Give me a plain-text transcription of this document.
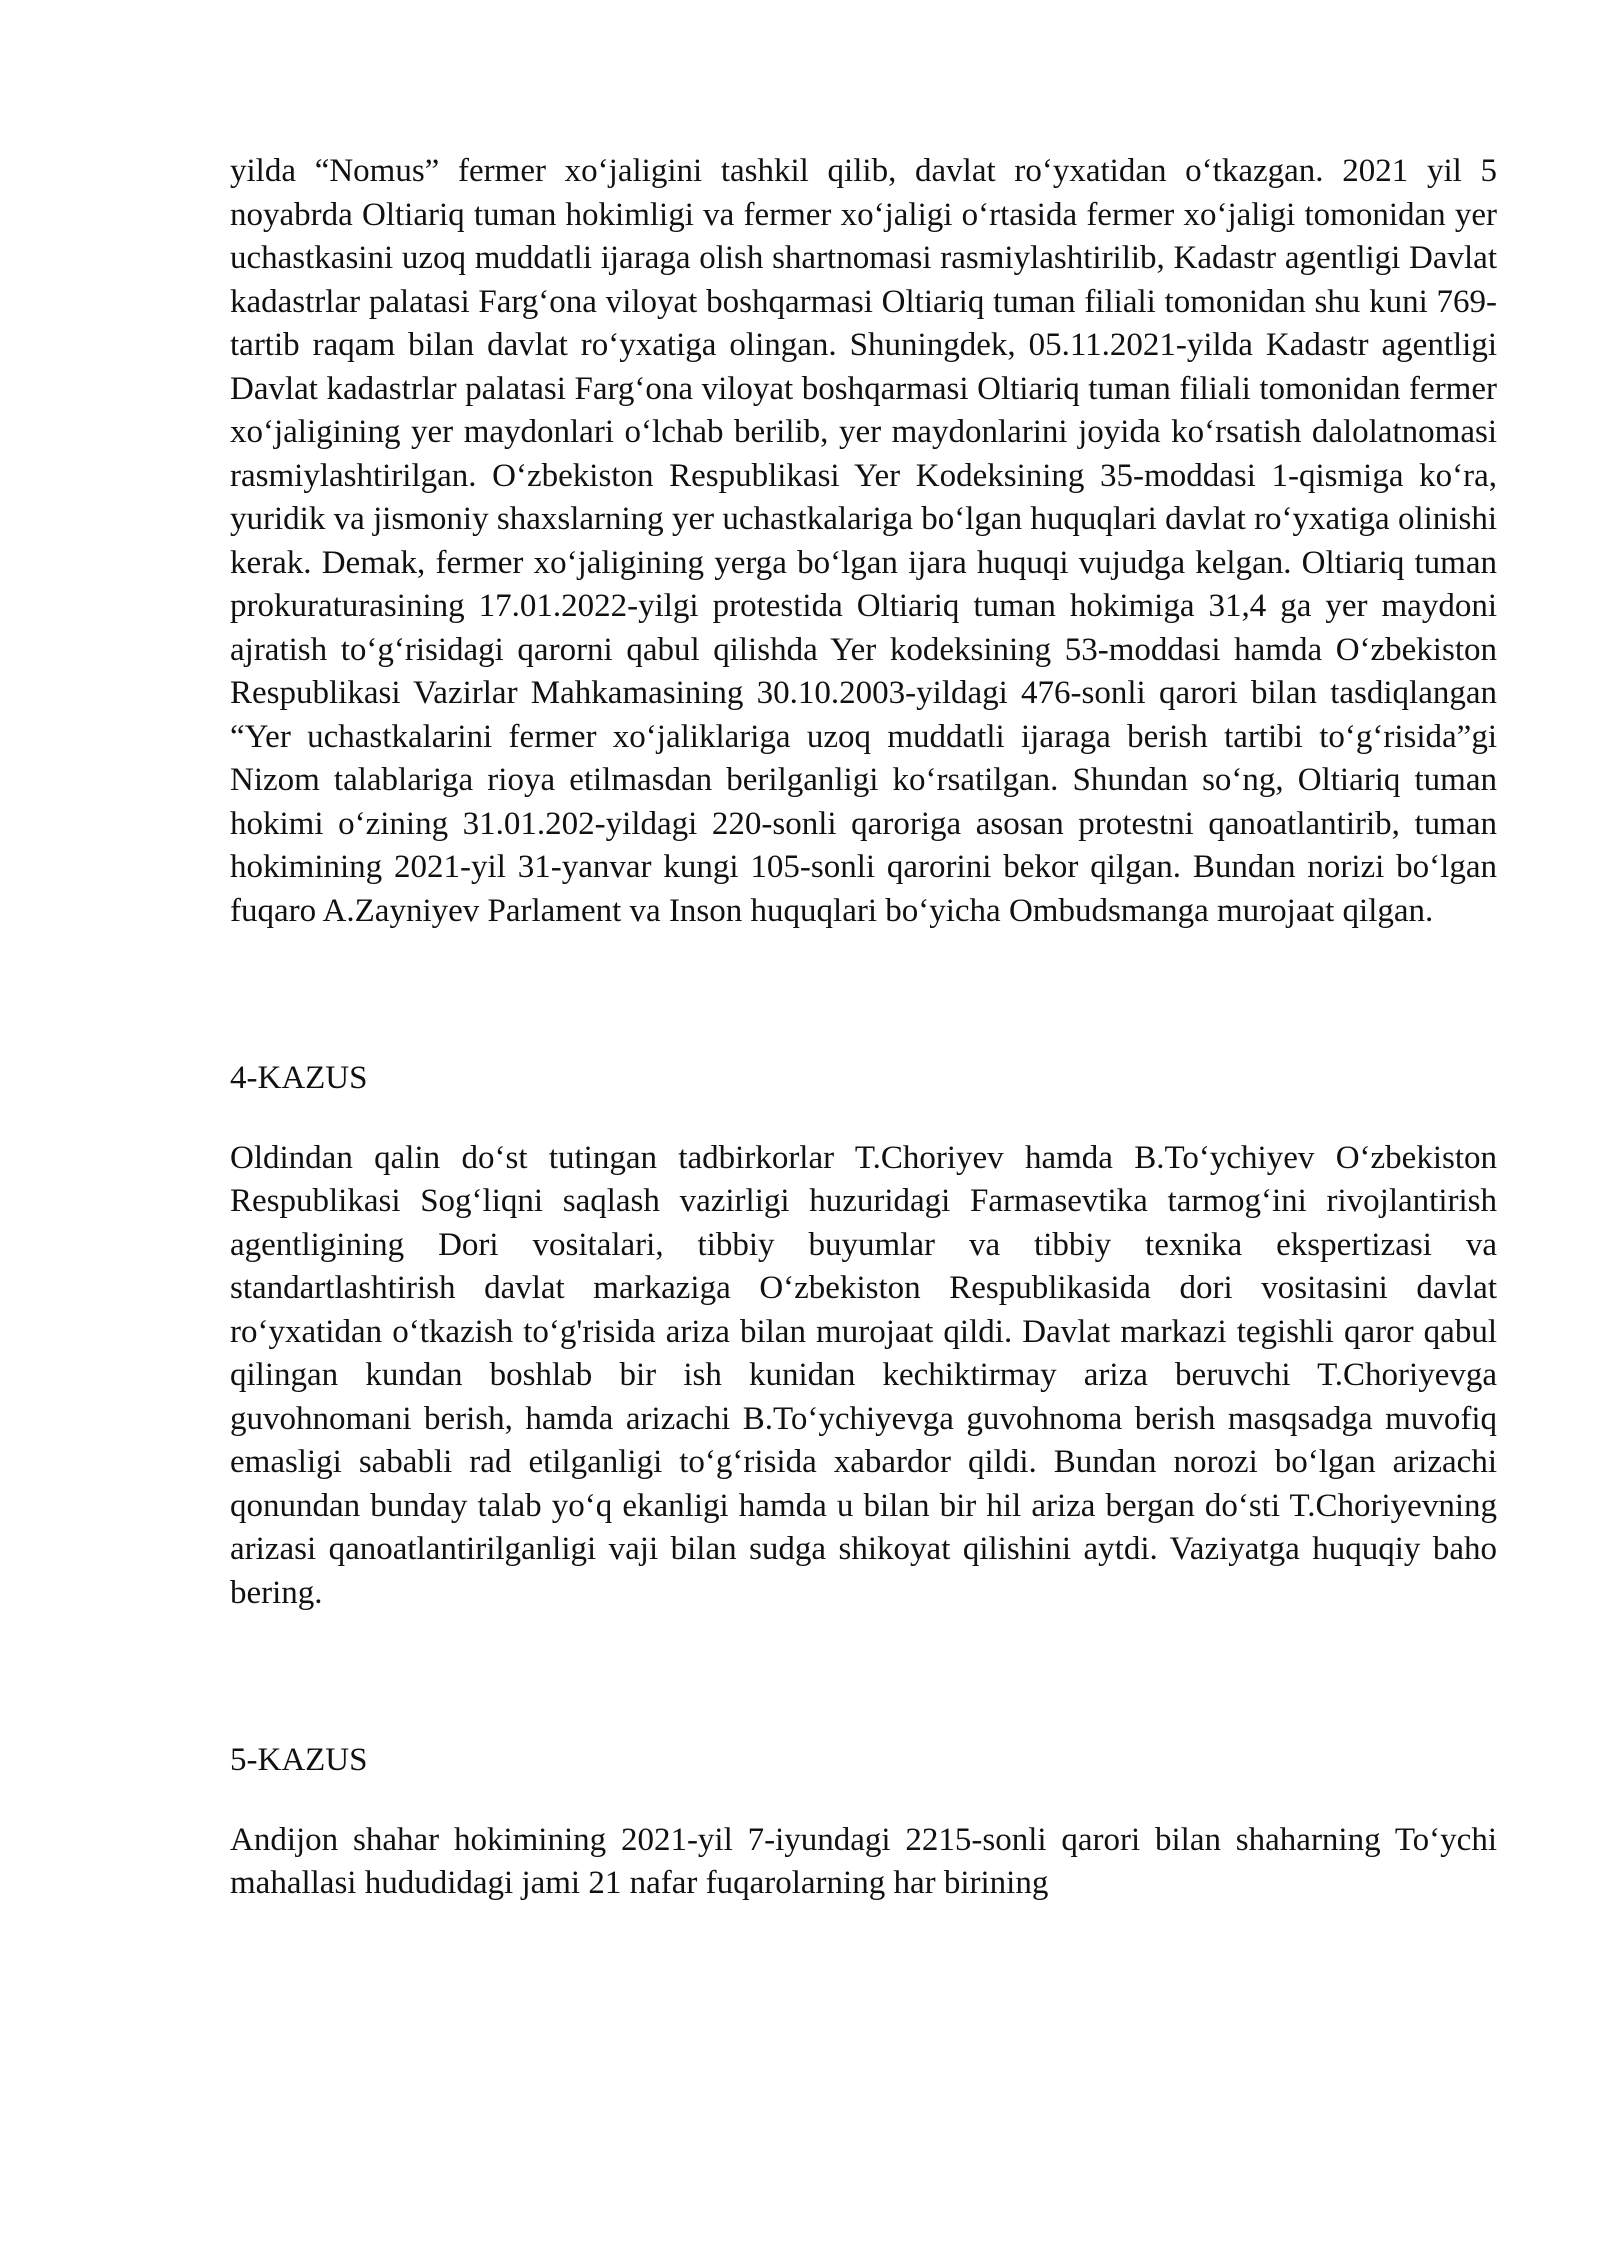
yilda “Nomus” fermer xo‘jaligini tashkil qilib, davlat ro‘yxatidan o‘tkazgan. 2021 yil 5 noyabrda Oltiariq tuman hokimligi va fermer xo‘jaligi o‘rtasida fermer xo‘jaligi tomonidan yer uchastkasini uzoq muddatli ijaraga olish shartnomasi rasmiylashtirilib, Kadastr agentligi Davlat kadastrlar palatasi Farg‘ona viloyat boshqarmasi Oltiariq tuman filiali tomonidan shu kuni 769- tartib raqam bilan davlat ro‘yxatiga olingan. Shuningdek, 05.11.2021-yilda Kadastr agentligi Davlat kadastrlar palatasi Farg‘ona viloyat boshqarmasi Oltiariq tuman filiali tomonidan fermer xo‘jaligining yer maydonlari o‘lchab berilib, yer maydonlarini joyida ko‘rsatish dalolatnomasi rasmiylashtirilgan. O‘zbekiston Respublikasi Yer Kodeksining 35-moddasi 1-qismiga ko‘ra, yuridik va jismoniy shaxslarning yer uchastkalariga bo‘lgan huquqlari davlat ro‘yxatiga olinishi kerak. Demak, fermer xo‘jaligining yerga bo‘lgan ijara huquqi vujudga kelgan. Oltiariq tuman prokuraturasining 17.01.2022-yilgi protestida Oltiariq tuman hokimiga 31,4 ga yer maydoni ajratish to‘g‘risidagi qarorni qabul qilishda Yer kodeksining 53-moddasi hamda O‘zbekiston Respublikasi Vazirlar Mahkamasining 30.10.2003-yildagi 476-sonli qarori bilan tasdiqlangan “Yer uchastkalarini fermer xo‘jaliklariga uzoq muddatli ijaraga berish tartibi to‘g‘risida”gi Nizom talablariga rioya etilmasdan berilganligi ko‘rsatilgan. Shundan so‘ng, Oltiariq tuman hokimi o‘zining 31.01.202-yildagi 220-sonli qaroriga asosan protestni qanoatlantirib, tuman hokimining 2021-yil 31-yanvar kungi 105-sonli qarorini bekor qilgan. Bundan norizi bo‘lgan fuqaro A.Zayniyev Parlament va Inson huquqlari bo‘yicha Ombudsmanga murojaat qilgan.

4-KAZUS

Oldindan qalin do‘st tutingan tadbirkorlar T.Choriyev hamda B.To‘ychiyev O‘zbekiston Respublikasi Sog‘liqni saqlash vazirligi huzuridagi Farmasevtika tarmog‘ini rivojlantirish agentligining Dori vositalari, tibbiy buyumlar va tibbiy texnika ekspertizasi va standartlashtirish davlat markaziga O‘zbekiston Respublikasida dori vositasini davlat ro‘yxatidan o‘tkazish to‘g'risida ariza bilan murojaat qildi. Davlat markazi tegishli qaror qabul qilingan kundan boshlab bir ish kunidan kechiktirmay ariza beruvchi T.Choriyevga guvohnomani berish, hamda arizachi B.To‘ychiyevga guvohnoma berish masqsadga muvofiq emasligi sababli rad etilganligi to‘g‘risida xabardor qildi. Bundan norozi bo‘lgan arizachi qonundan bunday talab yo‘q ekanligi hamda u bilan bir hil ariza bergan do‘sti T.Choriyevning arizasi qanoatlantirilganligi vaji bilan sudga shikoyat qilishini aytdi. Vaziyatga huquqiy baho bering.

5-KAZUS

Andijon shahar hokimining 2021-yil 7-iyundagi 2215-sonli qarori bilan shaharning To‘ychi mahallasi hududidagi jami 21 nafar fuqarolarning har birining
